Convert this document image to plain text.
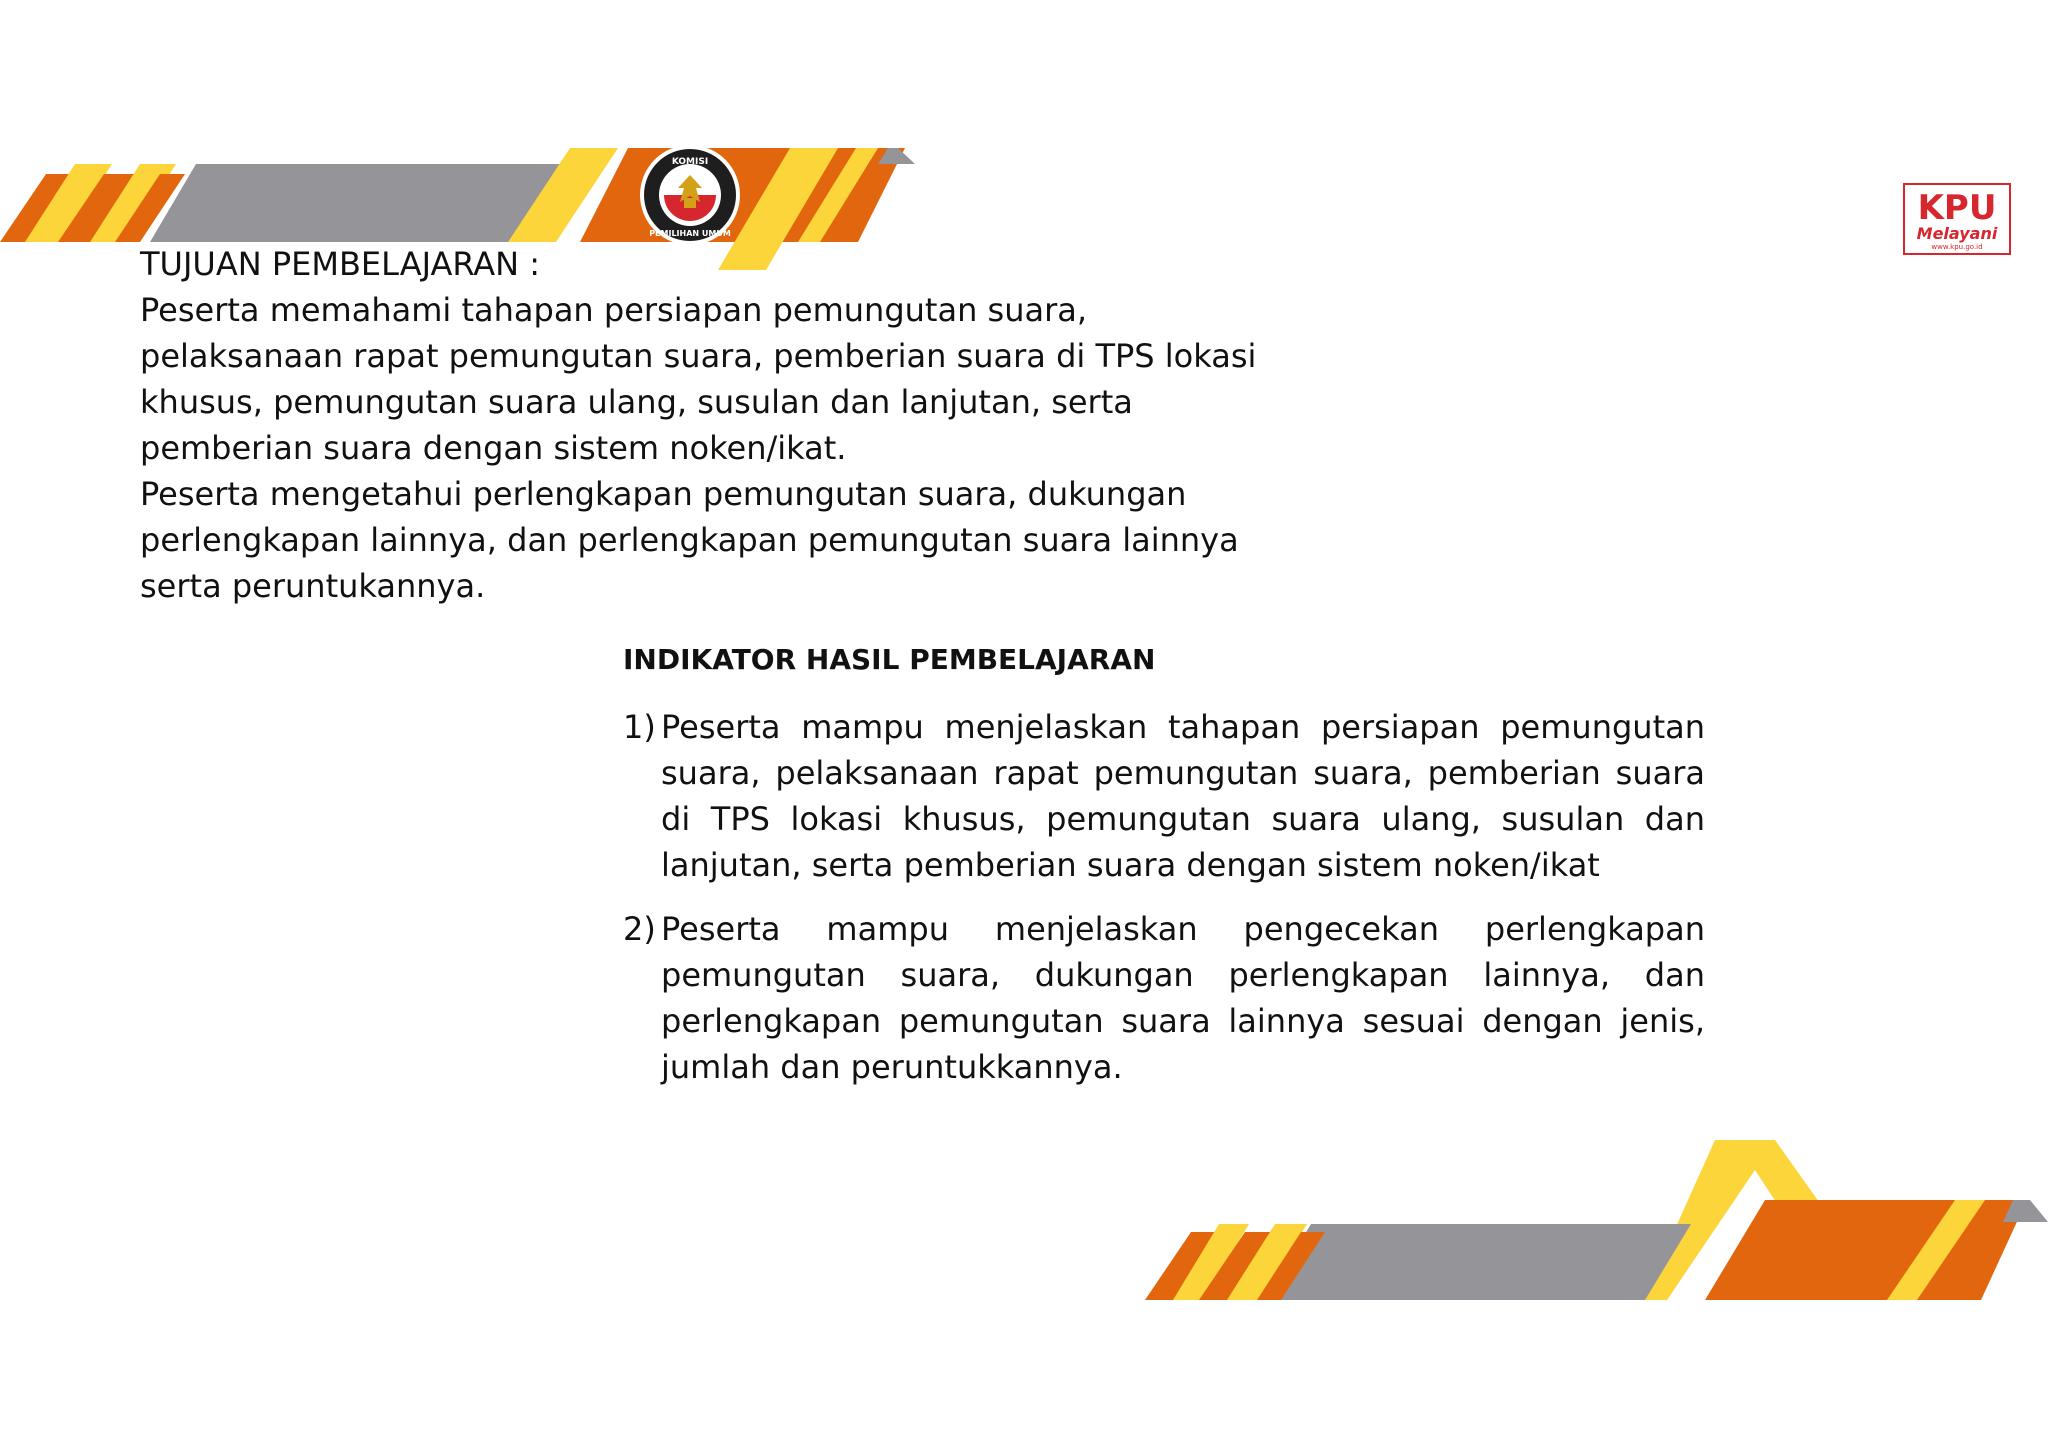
KOMISI
PEMILIHAN UMUM
KPU
Melayani
www.kpu.go.id

TUJUAN PEMBELAJARAN :

Peserta memahami tahapan persiapan pemungutan suara, pelaksanaan rapat pemungutan suara, pemberian suara di TPS lokasi khusus, pemungutan suara ulang, susulan dan lanjutan, serta pemberian suara dengan sistem noken/ikat.

Peserta mengetahui perlengkapan pemungutan suara, dukungan perlengkapan lainnya, dan perlengkapan pemungutan suara lainnya serta peruntukannya.

INDIKATOR HASIL PEMBELAJARAN

1) Peserta mampu menjelaskan tahapan persiapan pemungutan suara, pelaksanaan rapat pemungutan suara, pemberian suara di TPS lokasi khusus, pemungutan suara ulang, susulan dan lanjutan, serta pemberian suara dengan sistem noken/ikat
2) Peserta mampu menjelaskan pengecekan perlengkapan pemungutan suara, dukungan perlengkapan lainnya, dan perlengkapan pemungutan suara lainnya sesuai dengan jenis, jumlah dan peruntukkannya.
